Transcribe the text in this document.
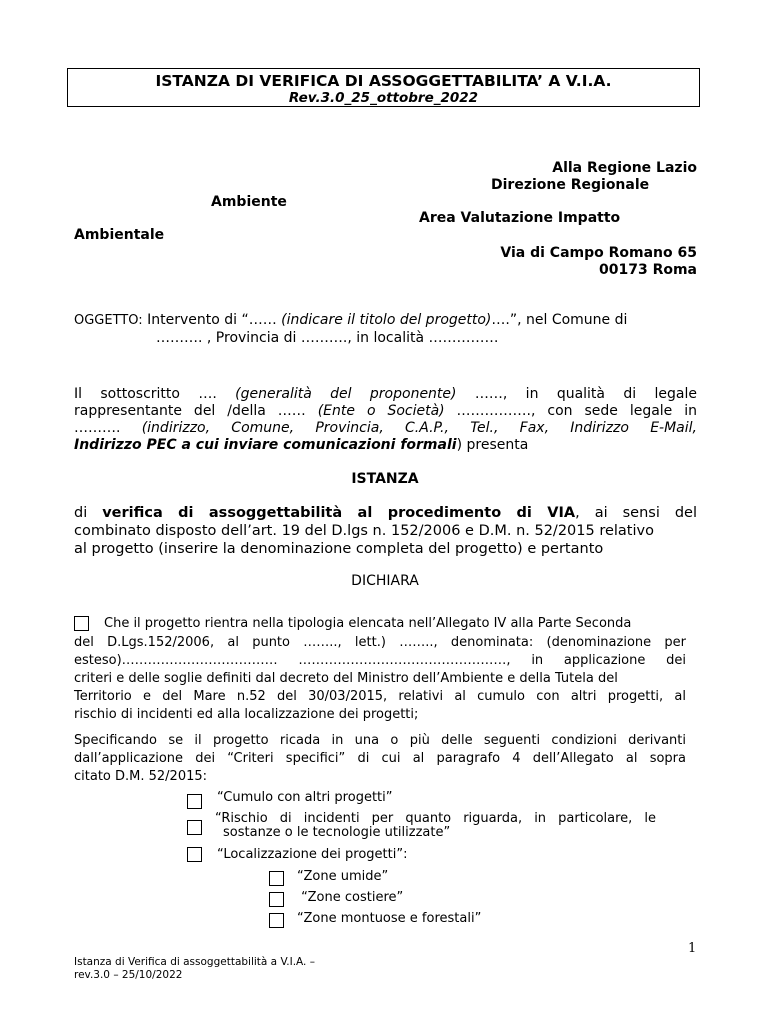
ISTANZA DI VERIFICA DI ASSOGGETTABILITA’ A V.I.A.
Rev.3.0_25_ottobre_2022
Alla Regione Lazio
Direzione Regionale
Ambiente
Area Valutazione Impatto
Ambientale
Via di Campo Romano 65
00173 Roma
OGGETTO: Intervento di “…… (indicare il titolo del progetto)….”, nel Comune di
………. , Provincia di ………., in località ……………
Il  sottoscritto  ….  (generalità  del  proponente)  ……,  in  qualità  di  legale
rappresentante del /della …… (Ente o Società) ……………., con sede legale in
……….  (indirizzo,  Comune,  Provincia,  C.A.P.,  Tel.,  Fax,  Indirizzo  E-Mail,
Indirizzo PEC a cui inviare comunicazioni formali) presenta
ISTANZA
di verifica di assoggettabilità al procedimento di VIA, ai sensi del
combinato disposto dell’art. 19 del D.lgs n. 152/2006 e D.M. n. 52/2015 relativo
al progetto (inserire la denominazione completa del progetto) e pertanto
DICHIARA
Che il progetto rientra nella tipologia elencata nell’Allegato IV alla Parte Seconda
del D.Lgs.152/2006, al punto …….., lett.) …….., denominata: (denominazione per
esteso)……………………………… …………………………………………, in applicazione dei
criteri e delle soglie definiti dal decreto del Ministro dell’Ambiente e della Tutela del
Territorio e del Mare n.52 del 30/03/2015, relativi al cumulo con altri progetti, al
rischio di incidenti ed alla localizzazione dei progetti;
Specificando se il progetto ricada in una o più delle seguenti condizioni derivanti
dall’applicazione dei “Criteri specifici” di cui al paragrafo 4 dell’Allegato al sopra
citato D.M. 52/2015:
“Cumulo con altri progetti”
“Rischio di incidenti per quanto riguarda, in particolare, le
sostanze o le tecnologie utilizzate”
“Localizzazione dei progetti”:
“Zone umide”
“Zone costiere”
“Zone montuose e forestali”
1
Istanza di Verifica di assoggettabilità a V.I.A. –
rev.3.0 – 25/10/2022
